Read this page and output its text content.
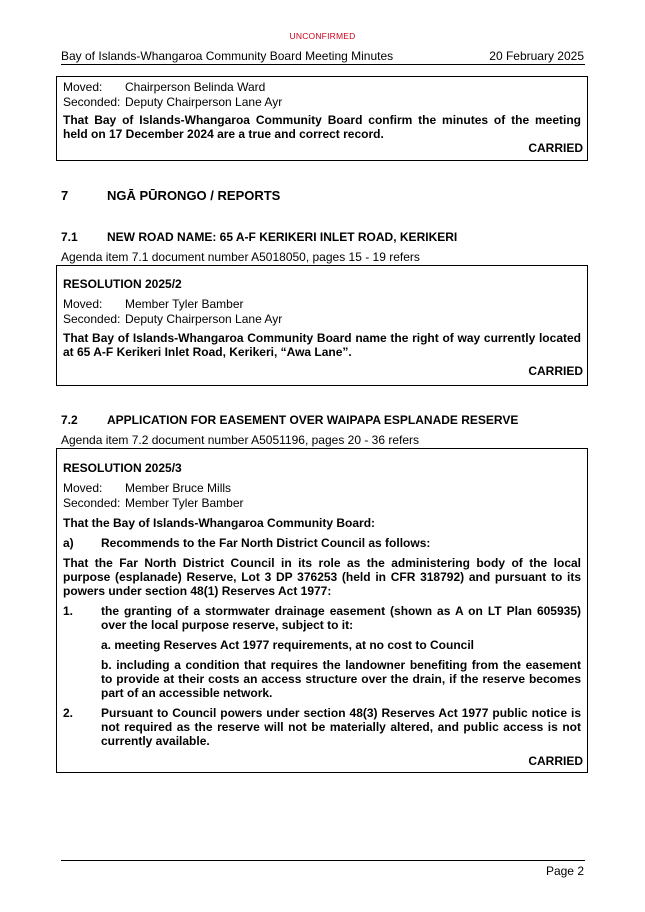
UNCONFIRMED
Bay of Islands-Whangaroa Community Board Meeting Minutes	20 February 2025
Moved: Chairperson Belinda Ward
Seconded: Deputy Chairperson Lane Ayr
That Bay of Islands-Whangaroa Community Board confirm the minutes of the meeting held on 17 December 2024 are a true and correct record.
CARRIED
7	NGĀ PŪRONGO / REPORTS
7.1 NEW ROAD NAME: 65 A-F KERIKERI INLET ROAD, KERIKERI
Agenda item 7.1 document number A5018050, pages 15 - 19 refers
RESOLUTION 2025/2
Moved: Member Tyler Bamber
Seconded: Deputy Chairperson Lane Ayr
That Bay of Islands-Whangaroa Community Board name the right of way currently located at 65 A-F Kerikeri Inlet Road, Kerikeri, “Awa Lane”.
CARRIED
7.2 APPLICATION FOR EASEMENT OVER WAIPAPA ESPLANADE RESERVE
Agenda item 7.2 document number A5051196, pages 20 - 36 refers
RESOLUTION 2025/3
Moved: Member Bruce Mills
Seconded: Member Tyler Bamber
That the Bay of Islands-Whangaroa Community Board:
a) Recommends to the Far North District Council as follows:
That the Far North District Council in its role as the administering body of the local purpose (esplanade) Reserve, Lot 3 DP 376253 (held in CFR 318792) and pursuant to its powers under section 48(1) Reserves Act 1977:
1. the granting of a stormwater drainage easement (shown as A on LT Plan 605935) over the local purpose reserve, subject to it:
a. meeting Reserves Act 1977 requirements, at no cost to Council
b. including a condition that requires the landowner benefiting from the easement to provide at their costs an access structure over the drain, if the reserve becomes part of an accessible network.
2. Pursuant to Council powers under section 48(3) Reserves Act 1977 public notice is not required as the reserve will not be materially altered, and public access is not currently available.
CARRIED
Page 2
